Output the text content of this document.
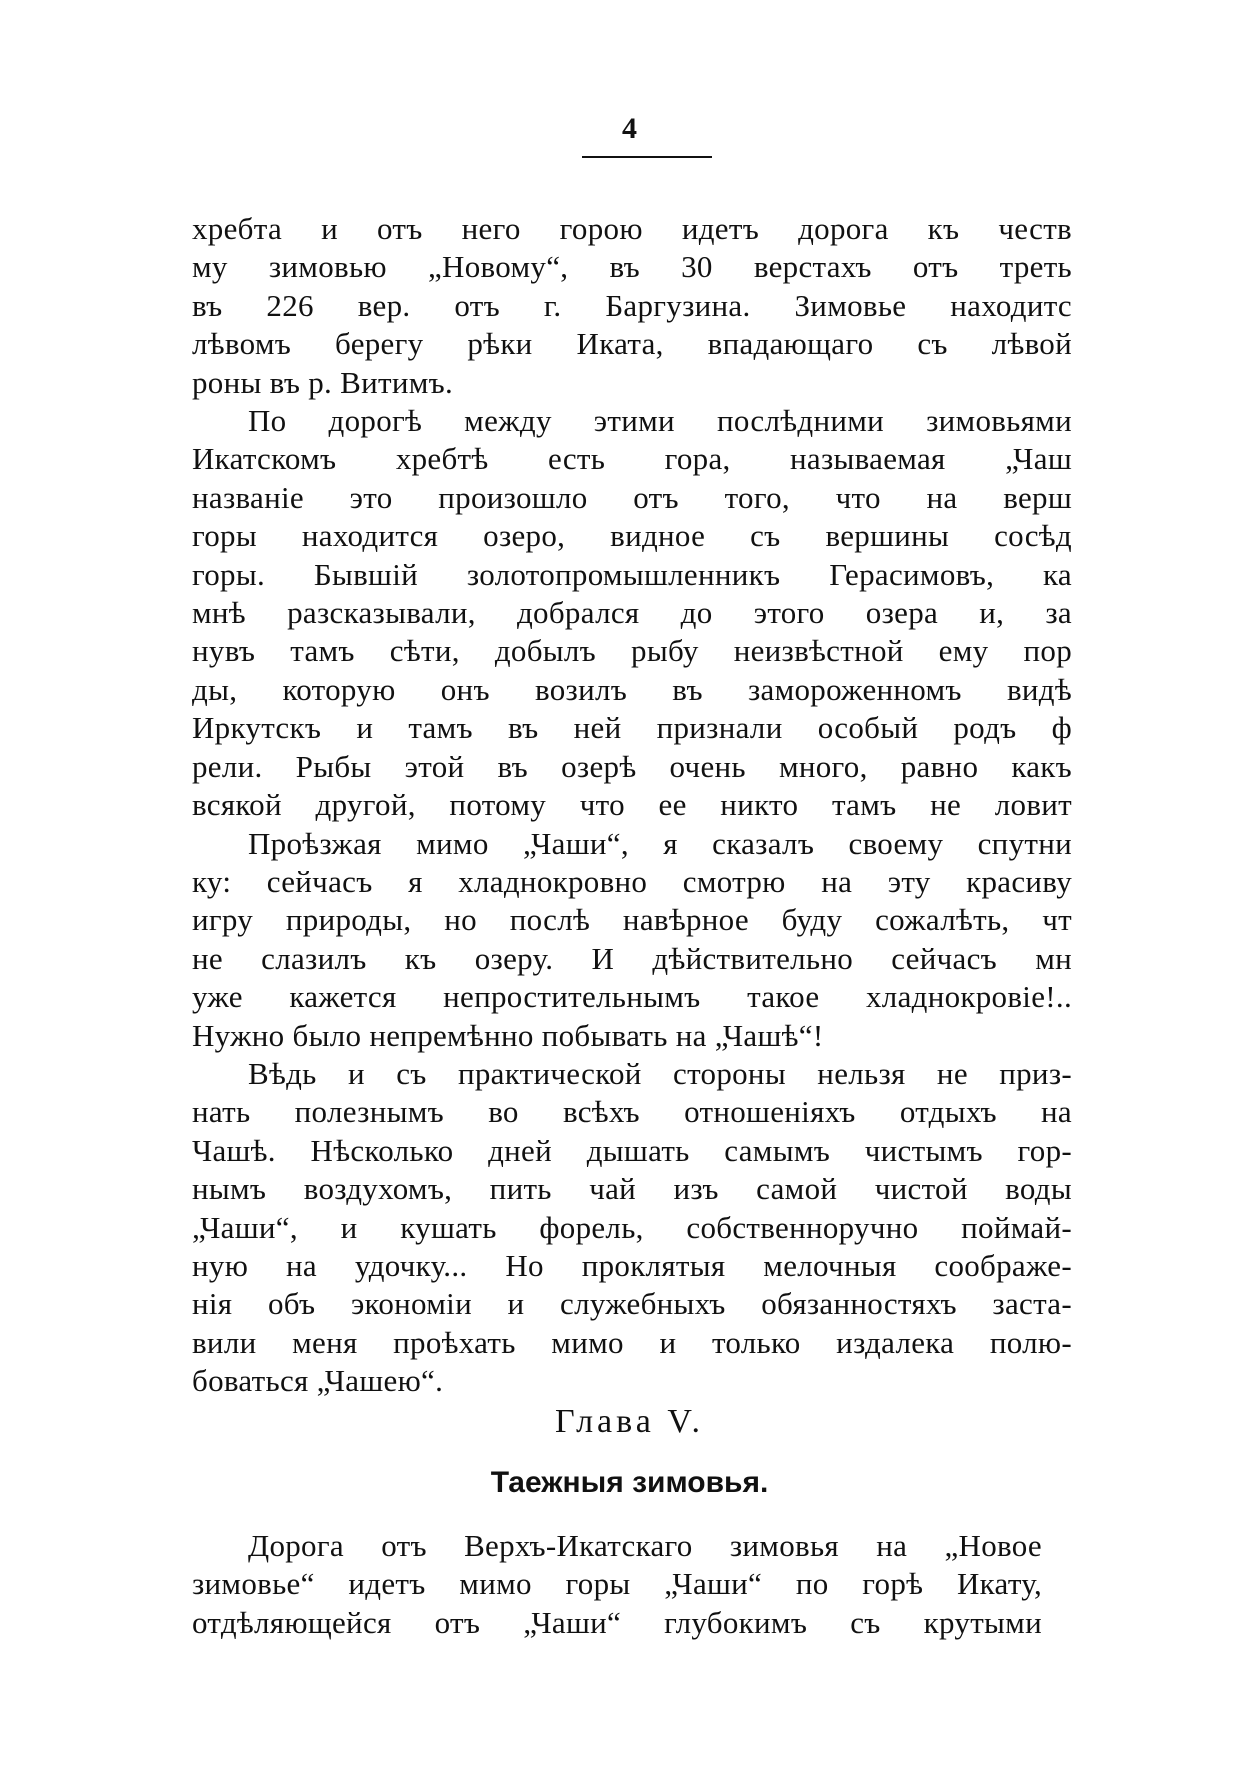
4
хребта и отъ него горою идетъ дорога къ честв
му зимовью „Новому“, въ 30 верстахъ отъ треть
въ 226 вер. отъ г. Баргузина. Зимовье находитс
лѣвомъ берегу рѣки Иката, впадающаго съ лѣвой
роны въ р. Витимъ.
По дорогѣ между этими послѣдними зимовьями
Икатскомъ хребтѣ есть гора, называемая „Чаш
названіе это произошло отъ того, что на верш
горы находится озеро, видное съ вершины сосѣд
горы. Бывшій золотопромышленникъ Герасимовъ, ка
мнѣ разсказывали, добрался до этого озера и, за
нувъ тамъ сѣти, добылъ рыбу неизвѣстной ему пор
ды, которую онъ возилъ въ замороженномъ видѣ
Иркутскъ и тамъ въ ней признали особый родъ ф
рели. Рыбы этой въ озерѣ очень много, равно какъ
всякой другой, потому что ее никто тамъ не ловит
Проѣзжая мимо „Чаши“, я сказалъ своему спутни
ку: сейчасъ я хладнокровно смотрю на эту красиву
игру природы, но послѣ навѣрное буду сожалѣть, чт
не слазилъ къ озеру. И дѣйствительно сейчасъ мн
уже кажется непростительнымъ такое хладнокровіе!..
Нужно было непремѣнно побывать на „Чашѣ“!
Вѣдь и съ практической стороны нельзя не приз-
нать полезнымъ во всѣхъ отношеніяхъ отдыхъ на
Чашѣ. Нѣсколько дней дышать самымъ чистымъ гор-
нымъ воздухомъ, пить чай изъ самой чистой воды
„Чаши“, и кушать форель, собственноручно поймай-
ную на удочку... Но проклятыя мелочныя соображе-
нія объ экономіи и служебныхъ обязанностяхъ заста-
вили меня проѣхать мимо и только издалека полю-
боваться „Чашею“.
Глава V.
Таежныя зимовья.
Дорога отъ Верхъ-Икатскаго зимовья на „Новое
зимовье“ идетъ мимо горы „Чаши“ по горѣ Икату,
отдѣляющейся отъ „Чаши“ глубокимъ съ крутыми
